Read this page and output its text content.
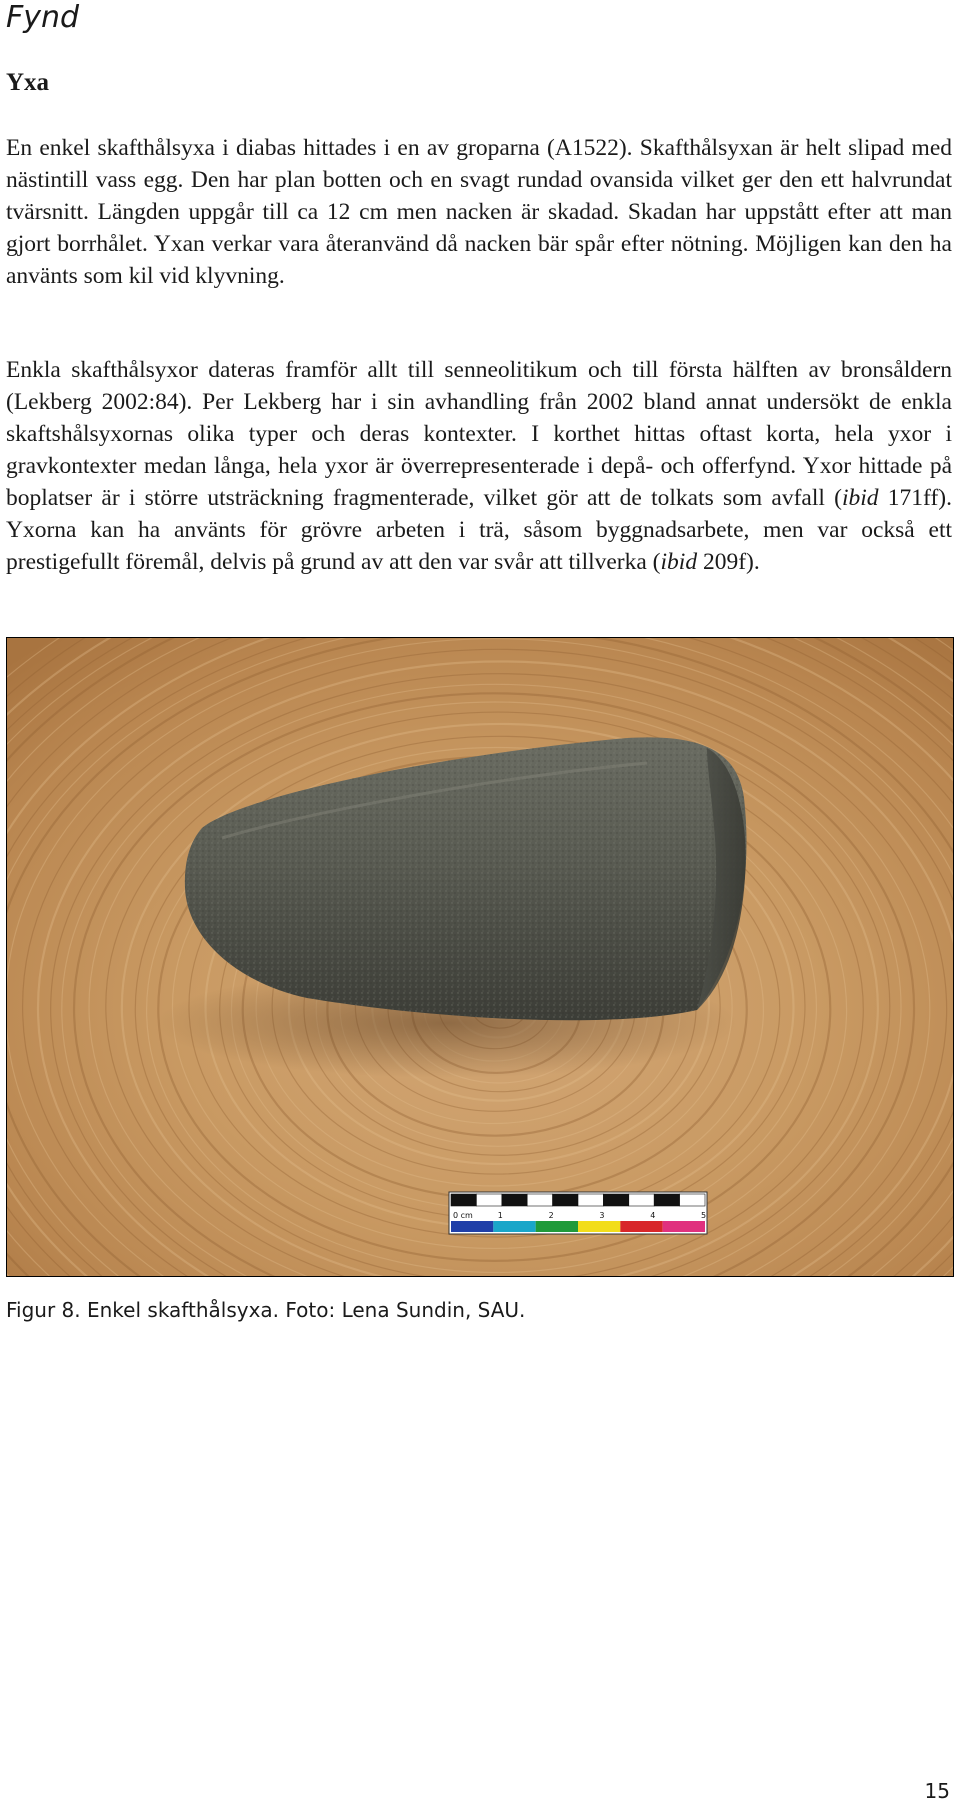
Fynd
Yxa

En enkel skafthålsyxa i diabas hittades i en av groparna (A1522). Skafthålsyxan är helt slipad med nästintill vass egg. Den har plan botten och en svagt rundad ovansida vilket ger den ett halvrundat tvärsnitt. Längden uppgår till ca 12 cm men nacken är skadad. Skadan har uppstått efter att man gjort borrhålet. Yxan verkar vara återanvänd då nacken bär spår efter nötning. Möjligen kan den ha använts som kil vid klyvning.

Enkla skafthålsyxor dateras framför allt till senneolitikum och till första hälften av bronsåldern (Lekberg 2002:84). Per Lekberg har i sin avhandling från 2002 bland annat undersökt de enkla skaftshålsyxornas olika typer och deras kontexter. I korthet hittas oftast korta, hela yxor i gravkontexter medan långa, hela yxor är överrepresenterade i depå- och offerfynd. Yxor hittade på boplatser är i större utsträckning fragmenterade, vilket gör att de tolkats som avfall (ibid 171ff). Yxorna kan ha använts för grövre arbeten i trä, såsom byggnadsarbete, men var också ett prestigefullt föremål, delvis på grund av att den var svår att tillverka (ibid 209f).

0 cm	1	2	3	4	5

Figur 8. Enkel skafthålsyxa. Foto: Lena Sundin, SAU.

15
